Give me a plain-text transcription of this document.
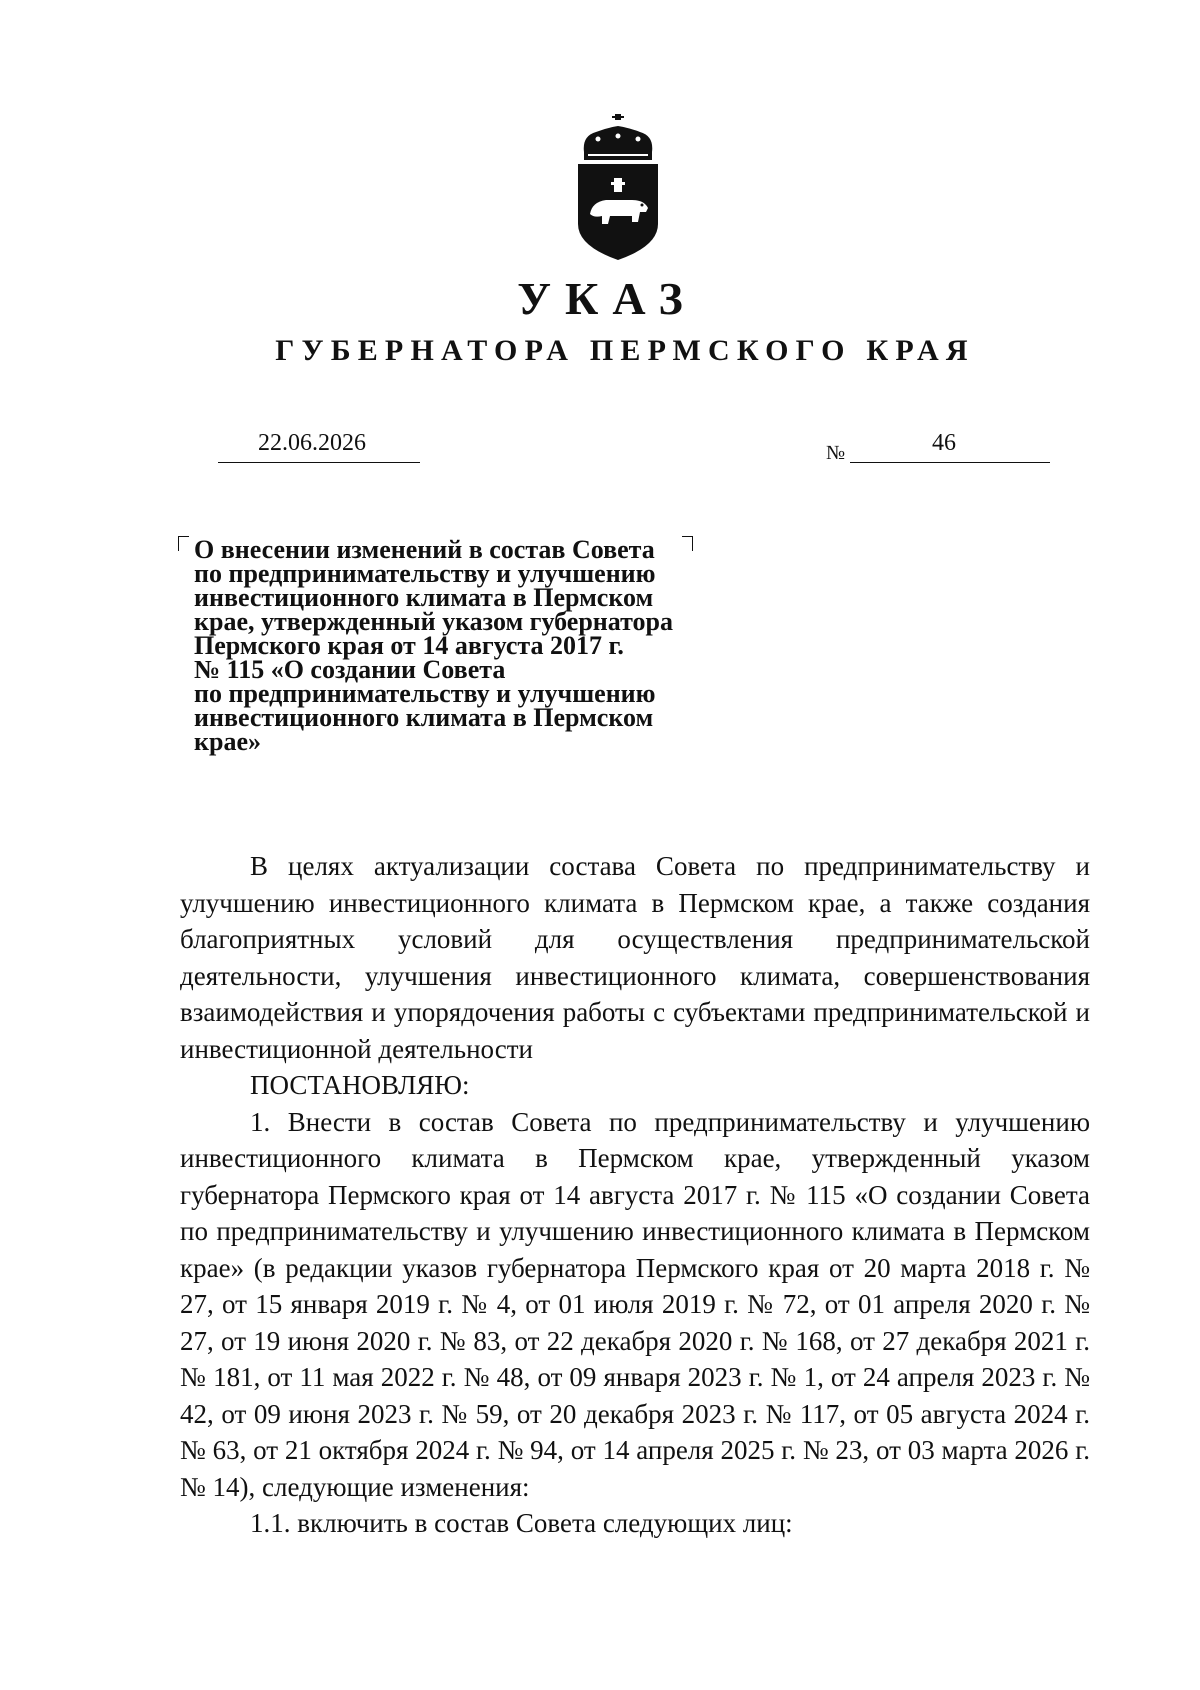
УКАЗ
ГУБЕРНАТОРА ПЕРМСКОГО КРАЯ
22.06.2026	№	46
О внесении изменений в состав Совета
по предпринимательству и улучшению
инвестиционного климата в Пермском
крае, утвержденный указом губернатора
Пермского края от 14 августа 2017 г.
№ 115 «О создании Совета
по предпринимательству и улучшению
инвестиционного климата в Пермском
крае»

В целях актуализации состава Совета по предпринимательству и улучшению инвестиционного климата в Пермском крае, а также создания благоприятных условий для осуществления предпринимательской деятельности, улучшения инвестиционного климата, совершенствования взаимодействия и упорядочения работы с субъектами предпринимательской и инвестиционной деятельности

ПОСТАНОВЛЯЮ:

1. Внести в состав Совета по предпринимательству и улучшению инвестиционного климата в Пермском крае, утвержденный указом губернатора Пермского края от 14 августа 2017 г. № 115 «О создании Совета по предпринимательству и улучшению инвестиционного климата в Пермском крае» (в редакции указов губернатора Пермского края от 20 марта 2018 г. № 27, от 15 января 2019 г. № 4, от 01 июля 2019 г. № 72, от 01 апреля 2020 г. № 27, от 19 июня 2020 г. № 83, от 22 декабря 2020 г. № 168, от 27 декабря 2021 г. № 181, от 11 мая 2022 г. № 48, от 09 января 2023 г. № 1, от 24 апреля 2023 г. № 42, от 09 июня 2023 г. № 59, от 20 декабря 2023 г. № 117, от 05 августа 2024 г. № 63, от 21 октября 2024 г. № 94, от 14 апреля 2025 г. № 23, от 03 марта 2026 г. № 14), следующие изменения:

1.1. включить в состав Совета следующих лиц:
